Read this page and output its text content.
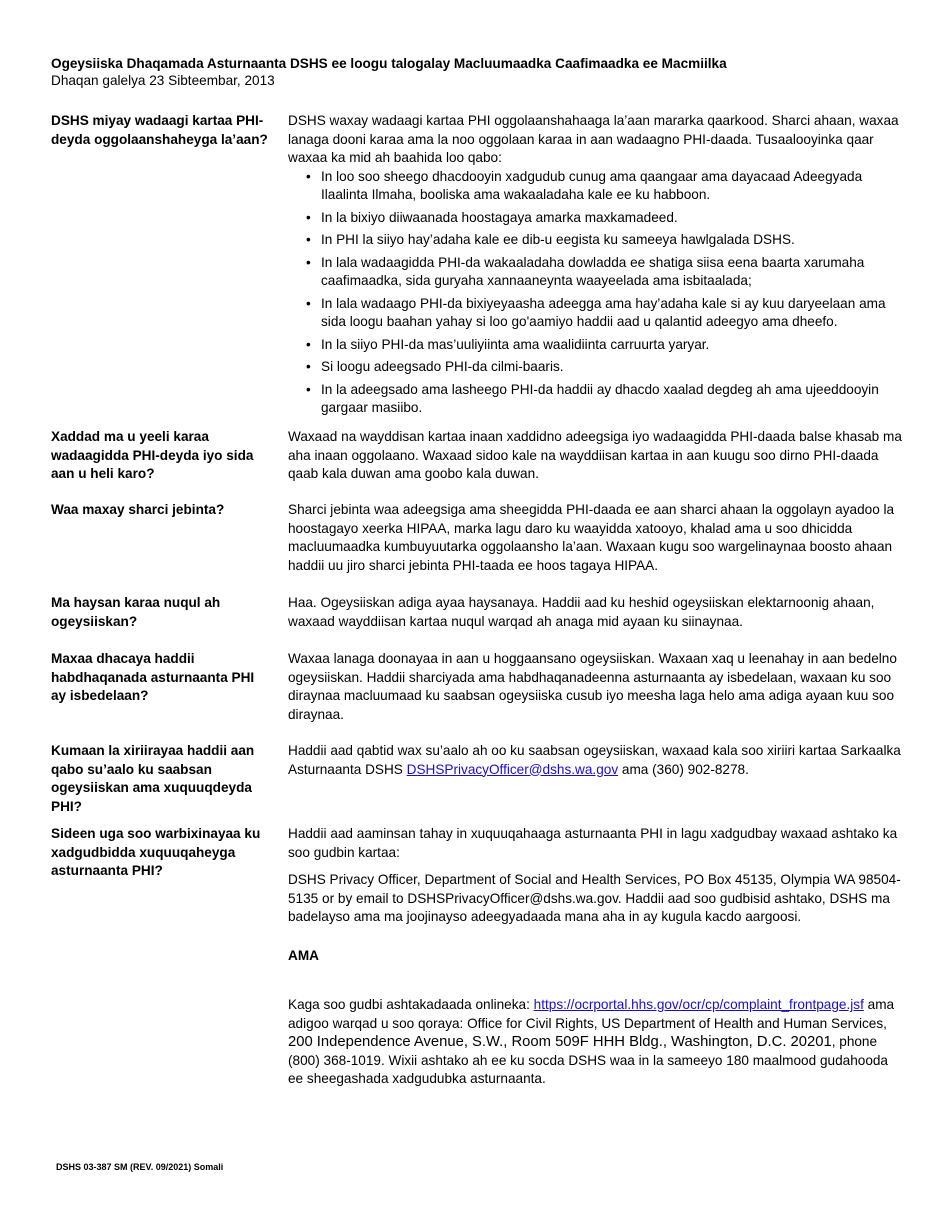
Ogeysiiska Dhaqamada Asturnaanta DSHS ee loogu talogalay Macluumaadka Caafimaadka ee Macmiilka
Dhaqan galelya 23 Sibteembar, 2013
DSHS miyay wadaagi kartaa PHI-deyda oggolaanshaheyga la’aan?

DSHS waxay wadaagi kartaa PHI oggolaanshahaaga la’aan mararka qaarkood. Sharci ahaan, waxaa lanaga dooni karaa ama la noo oggolaan karaa in aan wadaagno PHI-daada. Tusaalooyinka qaar waxaa ka mid ah baahida loo qabo:

• In loo soo sheego dhacdooyin xadgudub cunug ama qaangaar ama dayacaad Adeegyada Ilaalinta Ilmaha, booliska ama wakaaladaha kale ee ku habboon.
• In la bixiyo diiwaanada hoostagaya amarka maxkamadeed.
• In PHI la siiyo hay’adaha kale ee dib-u eegista ku sameeya hawlgalada DSHS.
• In lala wadaagidda PHI-da wakaaladaha dowladda ee shatiga siisa eena baarta xarumaha caafimaadka, sida guryaha xannaaneynta waayeelada ama isbitaalada;
• In lala wadaago PHI-da bixiyeyaasha adeegga ama hay’adaha kale si ay kuu daryeelaan ama sida loogu baahan yahay si loo go'aamiyo haddii aad u qalantid adeegyo ama dheefo.
• In la siiyo PHI-da mas’uuliyiinta ama waalidiinta carruurta yaryar.
• Si loogu adeegsado PHI-da cilmi-baaris.
• In la adeegsado ama lasheego PHI-da haddii ay dhacdo xaalad degdeg ah ama ujeeddooyin gargaar masiibo.
Xaddad ma u yeeli karaa wadaagidda PHI-deyda iyo sida aan u heli karo?
Waxaad na wayddisan kartaa inaan xaddidno adeegsiga iyo wadaagidda PHI-daada balse khasab ma aha inaan oggolaano. Waxaad sidoo kale na wayddiisan kartaa in aan kuugu soo dirno PHI-daada qaab kala duwan ama goobo kala duwan.
Waa maxay sharci jebinta?	Sharci jebinta waa adeegsiga ama sheegidda PHI-daada ee aan sharci ahaan la oggolayn ayadoo la hoostagayo xeerka HIPAA, marka lagu daro ku waayidda xatooyo, khalad ama u soo dhicidda macluumaadka kumbuyuutarka oggolaansho la’aan. Waxaan kugu soo wargelinaynaa boosto ahaan haddii uu jiro sharci jebinta PHI-taada ee hoos tagaya HIPAA.
Ma haysan karaa nuqul ah ogeysiiskan?
Haa. Ogeysiiskan adiga ayaa haysanaya. Haddii aad ku heshid ogeysiiskan elektarnoonig ahaan, waxaad wayddiisan kartaa nuqul warqad ah anaga mid ayaan ku siinaynaa.
Maxaa dhacaya haddii habdhaqanada asturnaanta PHI ay isbedelaan?
Waxaa lanaga doonayaa in aan u hoggaansano ogeysiiskan. Waxaan xaq u leenahay in aan bedelno ogeysiiskan. Haddii sharciyada ama habdhaqanadeenna asturnaanta ay isbedelaan, waxaan ku soo diraynaa macluumaad ku saabsan ogeysiiska cusub iyo meesha laga helo ama adiga ayaan kuu soo diraynaa.
Kumaan la xiriirayaa haddii aan qabo su’aalo ku saabsan ogeysiiskan ama xuquuqdeyda PHI?
Haddii aad qabtid wax su’aalo ah oo ku saabsan ogeysiiskan, waxaad kala soo xiriiri kartaa Sarkaalka Asturnaanta DSHS DSHSPrivacyOfficer@dshs.wa.gov ama (360) 902-8278.
Sideen uga soo warbixinayaa ku xadgudbidda xuquuqaheyga asturnaanta PHI?

Haddii aad aaminsan tahay in xuquuqahaaga asturnaanta PHI in lagu xadgudbay waxaad ashtako ka soo gudbin kartaa:

DSHS Privacy Officer, Department of Social and Health Services, PO Box 45135, Olympia WA 98504-5135 or by email to DSHSPrivacyOfficer@dshs.wa.gov. Haddii aad soo gudbisid ashtako, DSHS ma badelayso ama ma joojinayso adeegyadaada mana aha in ay kugula kacdo aargoosi.

AMA

Kaga soo gudbi ashtakadaada onlineka: https://ocrportal.hhs.gov/ocr/cp/complaint_frontpage.jsf ama adigoo warqad u soo qoraya: Office for Civil Rights, US Department of Health and Human Services, 200 Independence Avenue, S.W., Room 509F HHH Bldg., Washington, D.C. 20201, phone (800) 368-1019. Wixii ashtako ah ee ku socda DSHS waa in la sameeyo 180 maalmood gudahooda ee sheegashada xadgudubka asturnaanta.

DSHS 03-387 SM (REV. 09/2021) Somali
